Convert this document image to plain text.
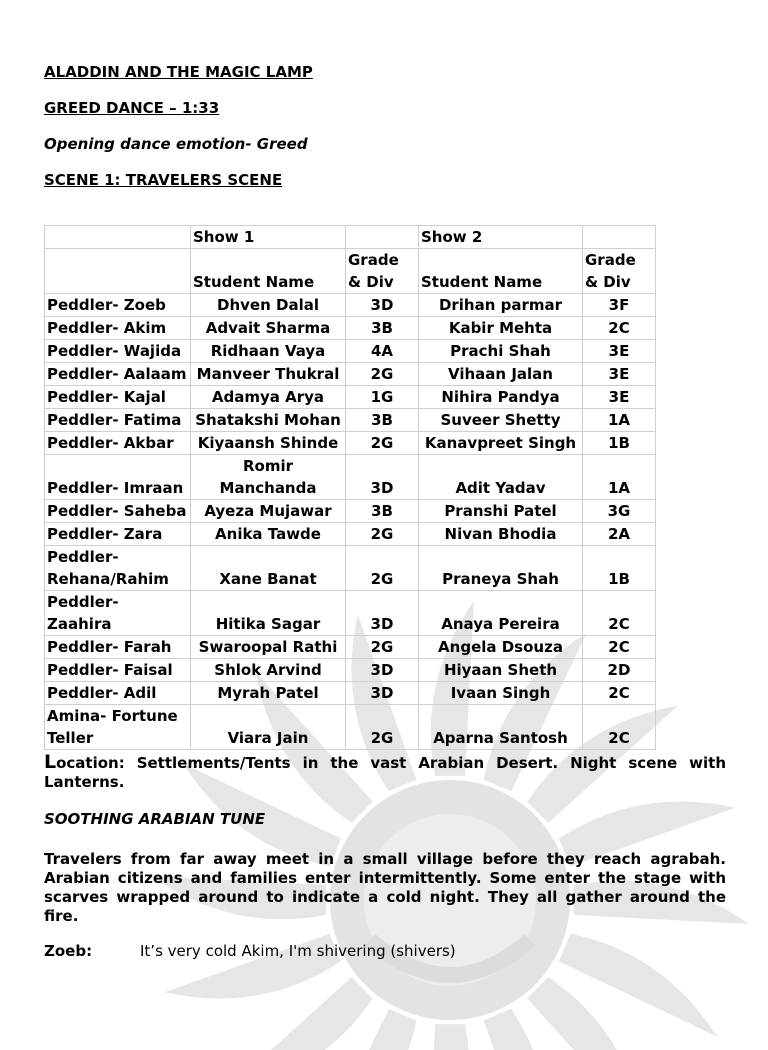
ALADDIN AND THE MAGIC LAMP
GREED DANCE – 1:33
Opening dance emotion- Greed
SCENE 1: TRAVELERS SCENE
	Show 1		Show 2	
	Student Name	Grade & Div	Student Name	Grade & Div
Peddler- Zoeb	Dhven Dalal	3D	Drihan parmar	3F
Peddler- Akim	Advait Sharma	3B	Kabir Mehta	2C
Peddler- Wajida	Ridhaan Vaya	4A	Prachi Shah	3E
Peddler- Aalaam	Manveer Thukral	2G	Vihaan Jalan	3E
Peddler- Kajal	Adamya Arya	1G	Nihira Pandya	3E
Peddler- Fatima	Shatakshi Mohan	3B	Suveer Shetty	1A
Peddler- Akbar	Kiyaansh Shinde	2G	Kanavpreet Singh	1B
Peddler- Imraan	Romir Manchanda	3D	Adit Yadav	1A
Peddler- Saheba	Ayeza Mujawar	3B	Pranshi Patel	3G
Peddler- Zara	Anika Tawde	2G	Nivan Bhodia	2A
Peddler- Rehana/Rahim	Xane Banat	2G	Praneya Shah	1B
Peddler- Zaahira	Hitika Sagar	3D	Anaya Pereira	2C
Peddler- Farah	Swaroopal Rathi	2G	Angela Dsouza	2C
Peddler- Faisal	Shlok Arvind	3D	Hiyaan Sheth	2D
Peddler- Adil	Myrah Patel	3D	Ivaan Singh	2C
Amina- Fortune Teller	Viara Jain	2G	Aparna Santosh	2C
Location: Settlements/Tents in the vast Arabian Desert. Night scene with Lanterns.
SOOTHING ARABIAN TUNE
Travelers from far away meet in a small village before they reach agrabah. Arabian citizens and families enter intermittently. Some enter the stage with scarves wrapped around to indicate a cold night. They all gather around the fire.
Zoeb:	It’s very cold Akim, I'm shivering (shivers)
